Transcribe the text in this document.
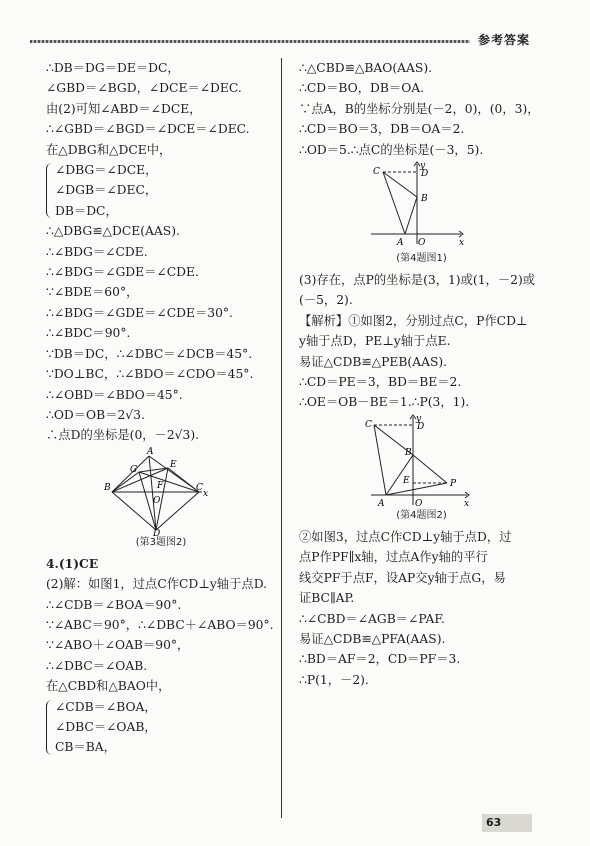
参考答案
∴DB＝DG＝DE＝DC，
∠GBD＝∠BGD，∠DCE＝∠DEC.
由(2)可知∠ABD＝∠DCE，
∴∠GBD＝∠BGD＝∠DCE＝∠DEC.
在△DBG和△DCE中，
∠DBG＝∠DCE，
∠DGB＝∠DEC，
DB＝DC，
∴△DBG≌△DCE(AAS).
∴∠BDG＝∠CDE.
∴∠BDG＝∠GDE＝∠CDE.
∵∠BDE＝60°，
∴∠BDG＝∠GDE＝∠CDE＝30°.
∴∠BDC＝90°.
∵DB＝DC，∴∠DBC＝∠DCB＝45°.
∵DO⊥BC，∴∠BDO＝∠CDO＝45°.
∴∠OBD＝∠BDO＝45°.
∴OD＝OB＝2√3.
∴点D的坐标是(0，－2√3).
A
B	C
D
E
F
G
O
x
(第3题图2)
4.(1)CE
(2)解：如图1，过点C作CD⊥y轴于点D.
∴∠CDB＝∠BOA＝90°.
∵∠ABC＝90°，∴∠DBC＋∠ABO＝90°.
∵∠ABO＋∠OAB＝90°，
∴∠DBC＝∠OAB.
在△CBD和△BAO中，
∠CDB＝∠BOA，
∠DBC＝∠OAB，
CB＝BA，
∴△CBD≌△BAO(AAS).
∴CD＝BO，DB＝OA.
∵点A，B的坐标分别是(－2，0)，(0，3)，
∴CD＝BO＝3，DB＝OA＝2.
∴OD＝5.∴点C的坐标是(－3，5).
C	D
B
A O	x
y
(第4题图1)
(3)存在，点P的坐标是(3，1)或(1，－2)或
(－5，2).
【解析】①如图2，分别过点C，P作CD⊥
y轴于点D，PE⊥y轴于点E.
易证△CDB≌△PEB(AAS).
∴CD＝PE＝3，BD＝BE＝2.
∴OE＝OB－BE＝1.∴P(3，1).
C	D
B
E	P
A	O	x
y
(第4题图2)
②如图3，过点C作CD⊥y轴于点D，过
点P作PF∥x轴，过点A作y轴的平行
线交PF于点F，设AP交y轴于点G，易
证BC∥AP.
∴∠CBD＝∠AGB＝∠PAF.
易证△CDB≌△PFA(AAS).
∴BD＝AF＝2，CD＝PF＝3.
∴P(1，－2).
63
